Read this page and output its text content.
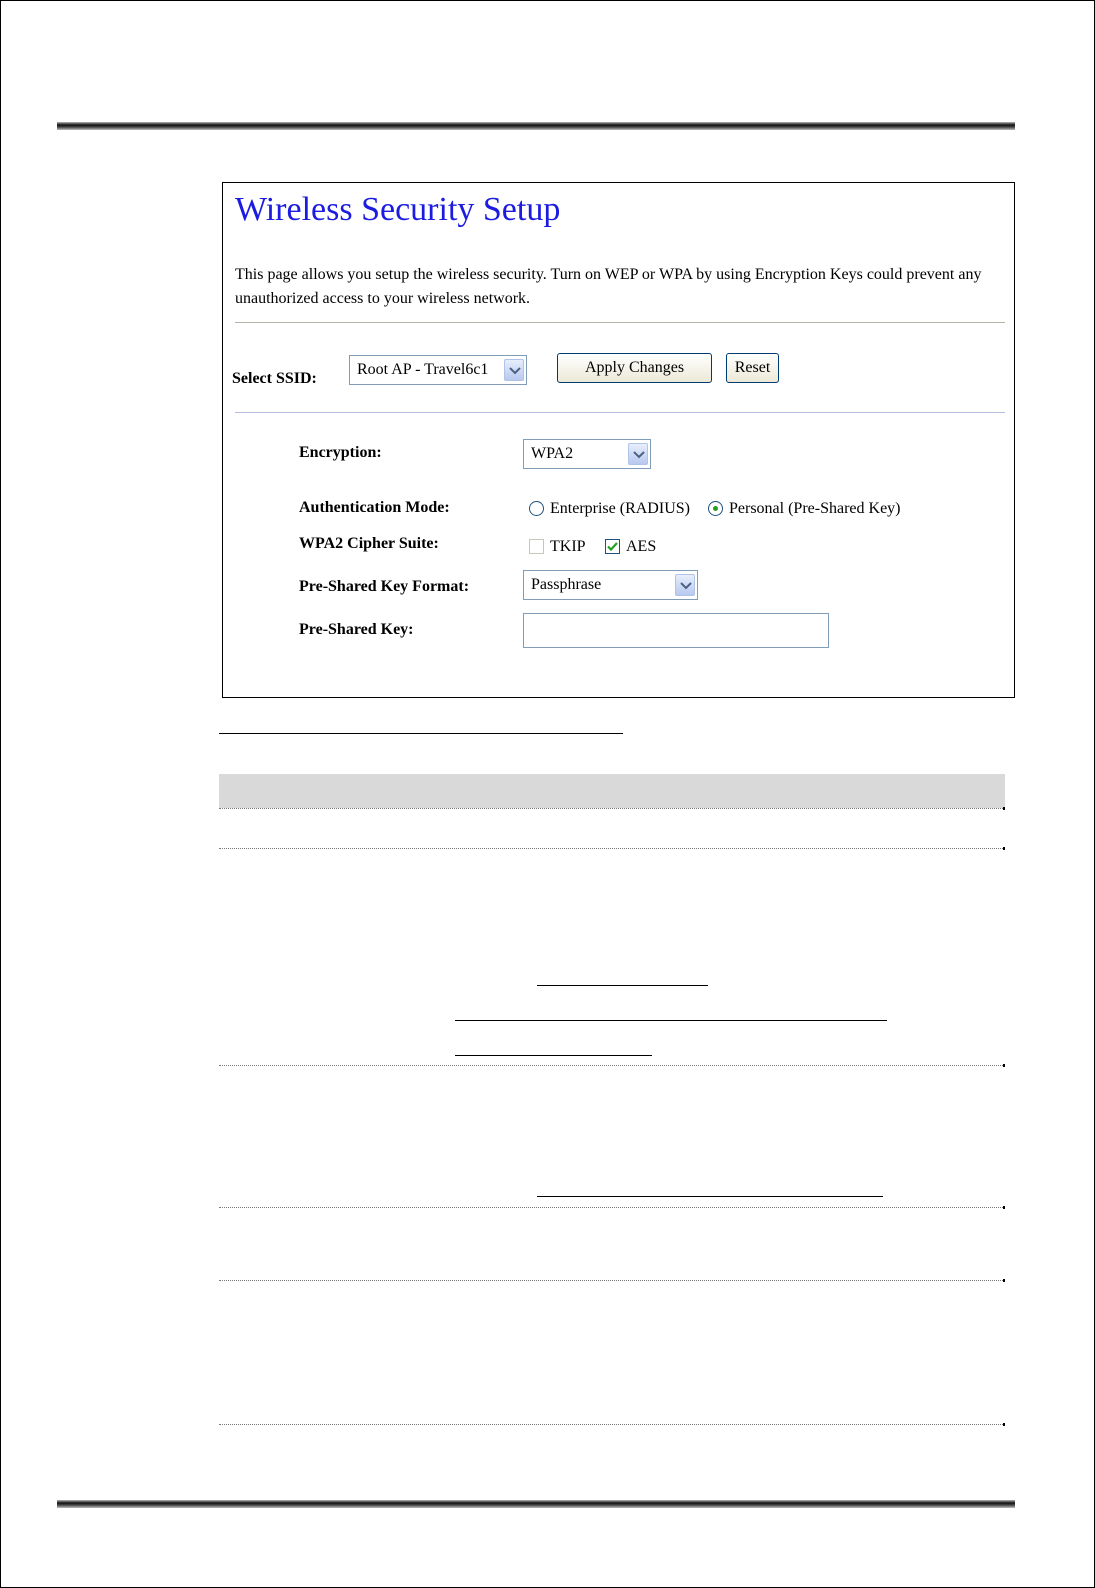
Wireless Security Setup
This page allows you setup the wireless security. Turn on WEP or WPA by using Encryption Keys could prevent any unauthorized access to your wireless network.
Select SSID:
Root AP - Travel6c1	Apply Changes	Reset
Encryption:	WPA2
Authentication Mode:	Enterprise (RADIUS) Personal (Pre-Shared Key)
WPA2 Cipher Suite:	TKIP	AES
Pre-Shared Key Format:	Passphrase
Pre-Shared Key:
